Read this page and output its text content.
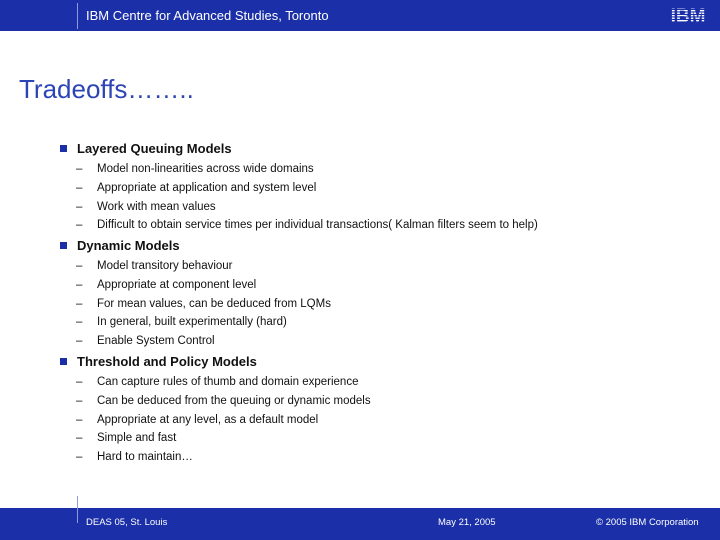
IBM Centre for Advanced Studies, Toronto	IBM
Tradeoffs……..
Layered Queuing Models
– Model non-linearities across wide domains
– Appropriate at application and system level
– Work with mean values
– Difficult to obtain service times per individual transactions( Kalman filters seem to help)
Dynamic Models
– Model transitory behaviour
– Appropriate at component level
– For mean values, can be deduced from LQMs
– In general, built experimentally (hard)
– Enable System Control
Threshold and Policy Models
– Can capture rules of thumb and domain experience
– Can be deduced from the queuing or dynamic models
– Appropriate at any level, as a default model
– Simple and fast
– Hard to maintain…
DEAS 05, St. Louis	May 21, 2005	© 2005 IBM Corporation
